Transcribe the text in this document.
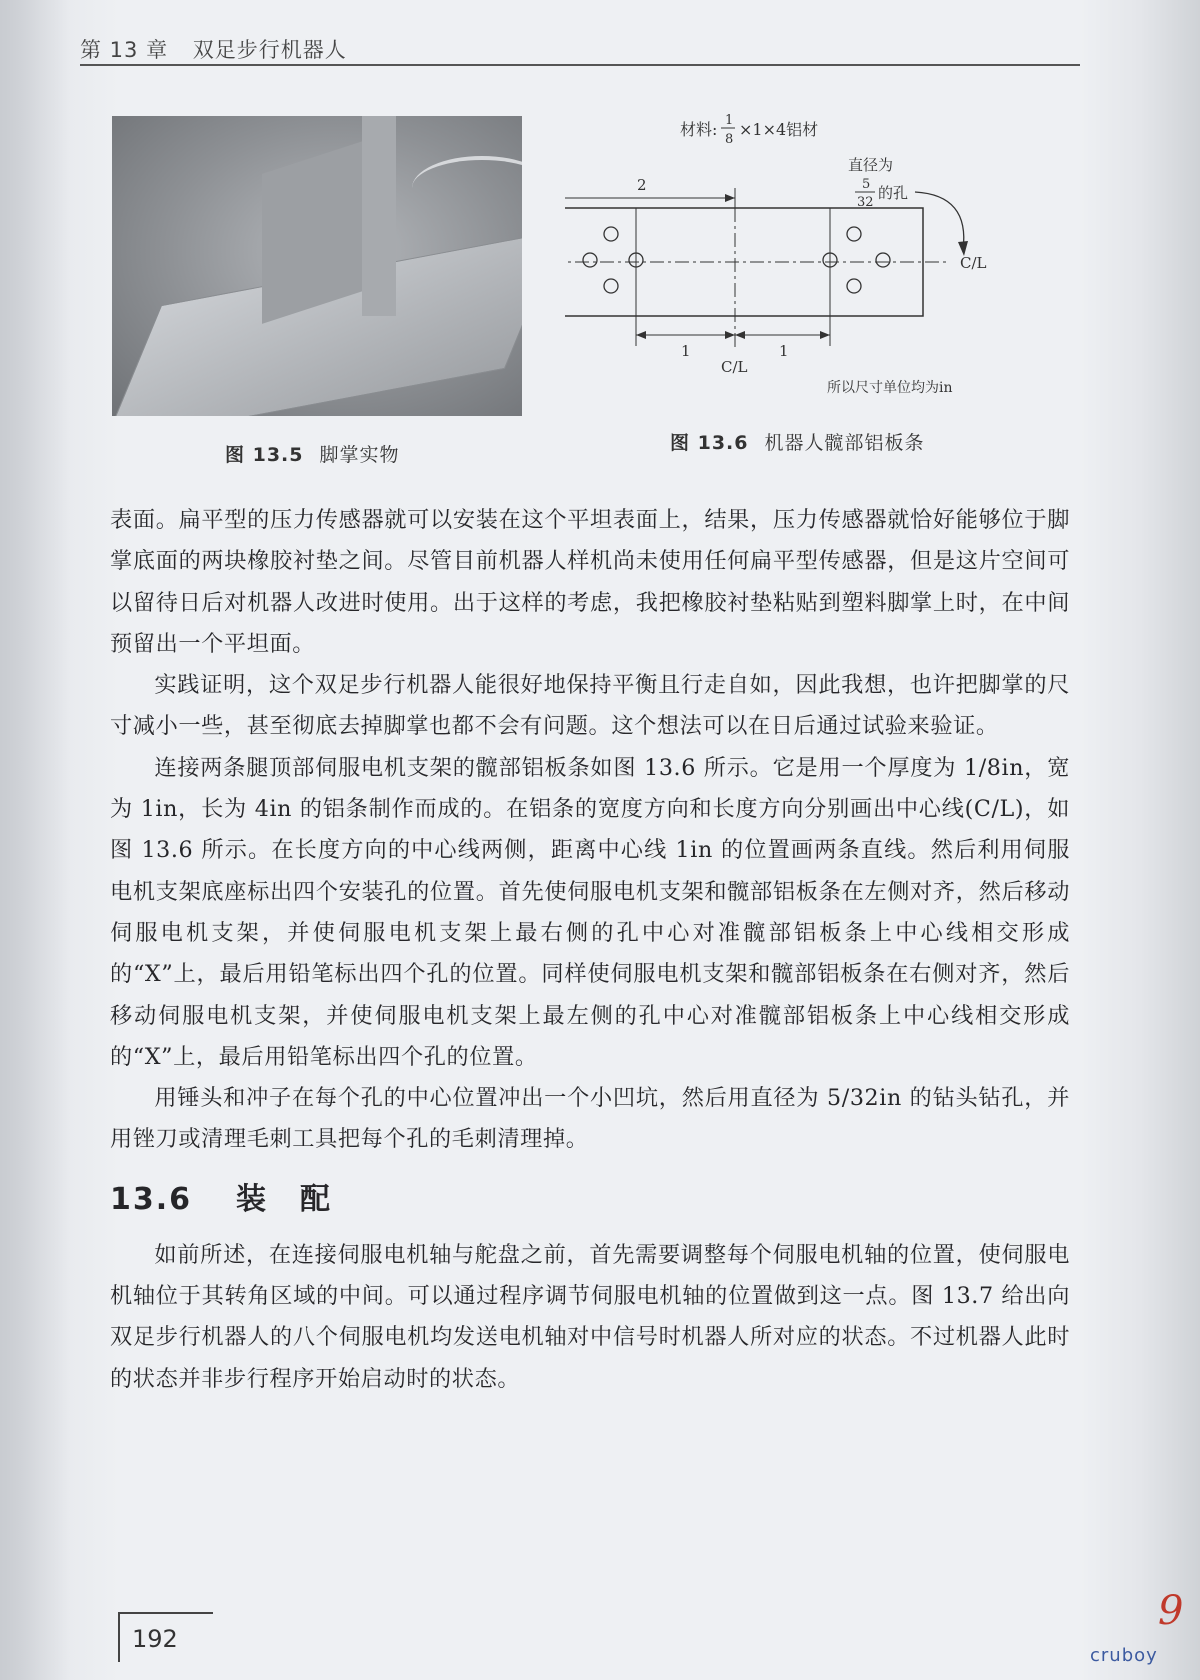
第 13 章 双足步行机器人
图 13.5 脚掌实物
材料: 1
8
×1×4铝材
直径为
5
32
的孔
2
C/L
1	1
C/L
所以尺寸单位均为in
图 13.6 机器人髋部铝板条

表面。扁平型的压力传感器就可以安装在这个平坦表面上，结果，压力传感器就恰好能够位于脚掌底面的两块橡胶衬垫之间。尽管目前机器人样机尚未使用任何扁平型传感器，但是这片空间可以留待日后对机器人改进时使用。出于这样的考虑，我把橡胶衬垫粘贴到塑料脚掌上时，在中间预留出一个平坦面。

实践证明，这个双足步行机器人能很好地保持平衡且行走自如，因此我想，也许把脚掌的尺寸减小一些，甚至彻底去掉脚掌也都不会有问题。这个想法可以在日后通过试验来验证。

连接两条腿顶部伺服电机支架的髋部铝板条如图 13.6 所示。它是用一个厚度为 1/8in，宽为 1in，长为 4in 的铝条制作而成的。在铝条的宽度方向和长度方向分别画出中心线(C/L)，如图 13.6 所示。在长度方向的中心线两侧，距离中心线 1in 的位置画两条直线。然后利用伺服电机支架底座标出四个安装孔的位置。首先使伺服电机支架和髋部铝板条在左侧对齐，然后移动伺服电机支架，并使伺服电机支架上最右侧的孔中心对准髋部铝板条上中心线相交形成的“X”上，最后用铅笔标出四个孔的位置。同样使伺服电机支架和髋部铝板条在右侧对齐，然后移动伺服电机支架，并使伺服电机支架上最左侧的孔中心对准髋部铝板条上中心线相交形成的“X”上，最后用铅笔标出四个孔的位置。

用锤头和冲子在每个孔的中心位置冲出一个小凹坑，然后用直径为 5/32in 的钻头钻孔，并用锉刀或清理毛刺工具把每个孔的毛刺清理掉。

13.6 装　配

如前所述，在连接伺服电机轴与舵盘之前，首先需要调整每个伺服电机轴的位置，使伺服电机轴位于其转角区域的中间。可以通过程序调节伺服电机轴的位置做到这一点。图 13.7 给出向双足步行机器人的八个伺服电机均发送电机轴对中信号时机器人所对应的状态。不过机器人此时的状态并非步行程序开始启动时的状态。

192
9
cruboy
